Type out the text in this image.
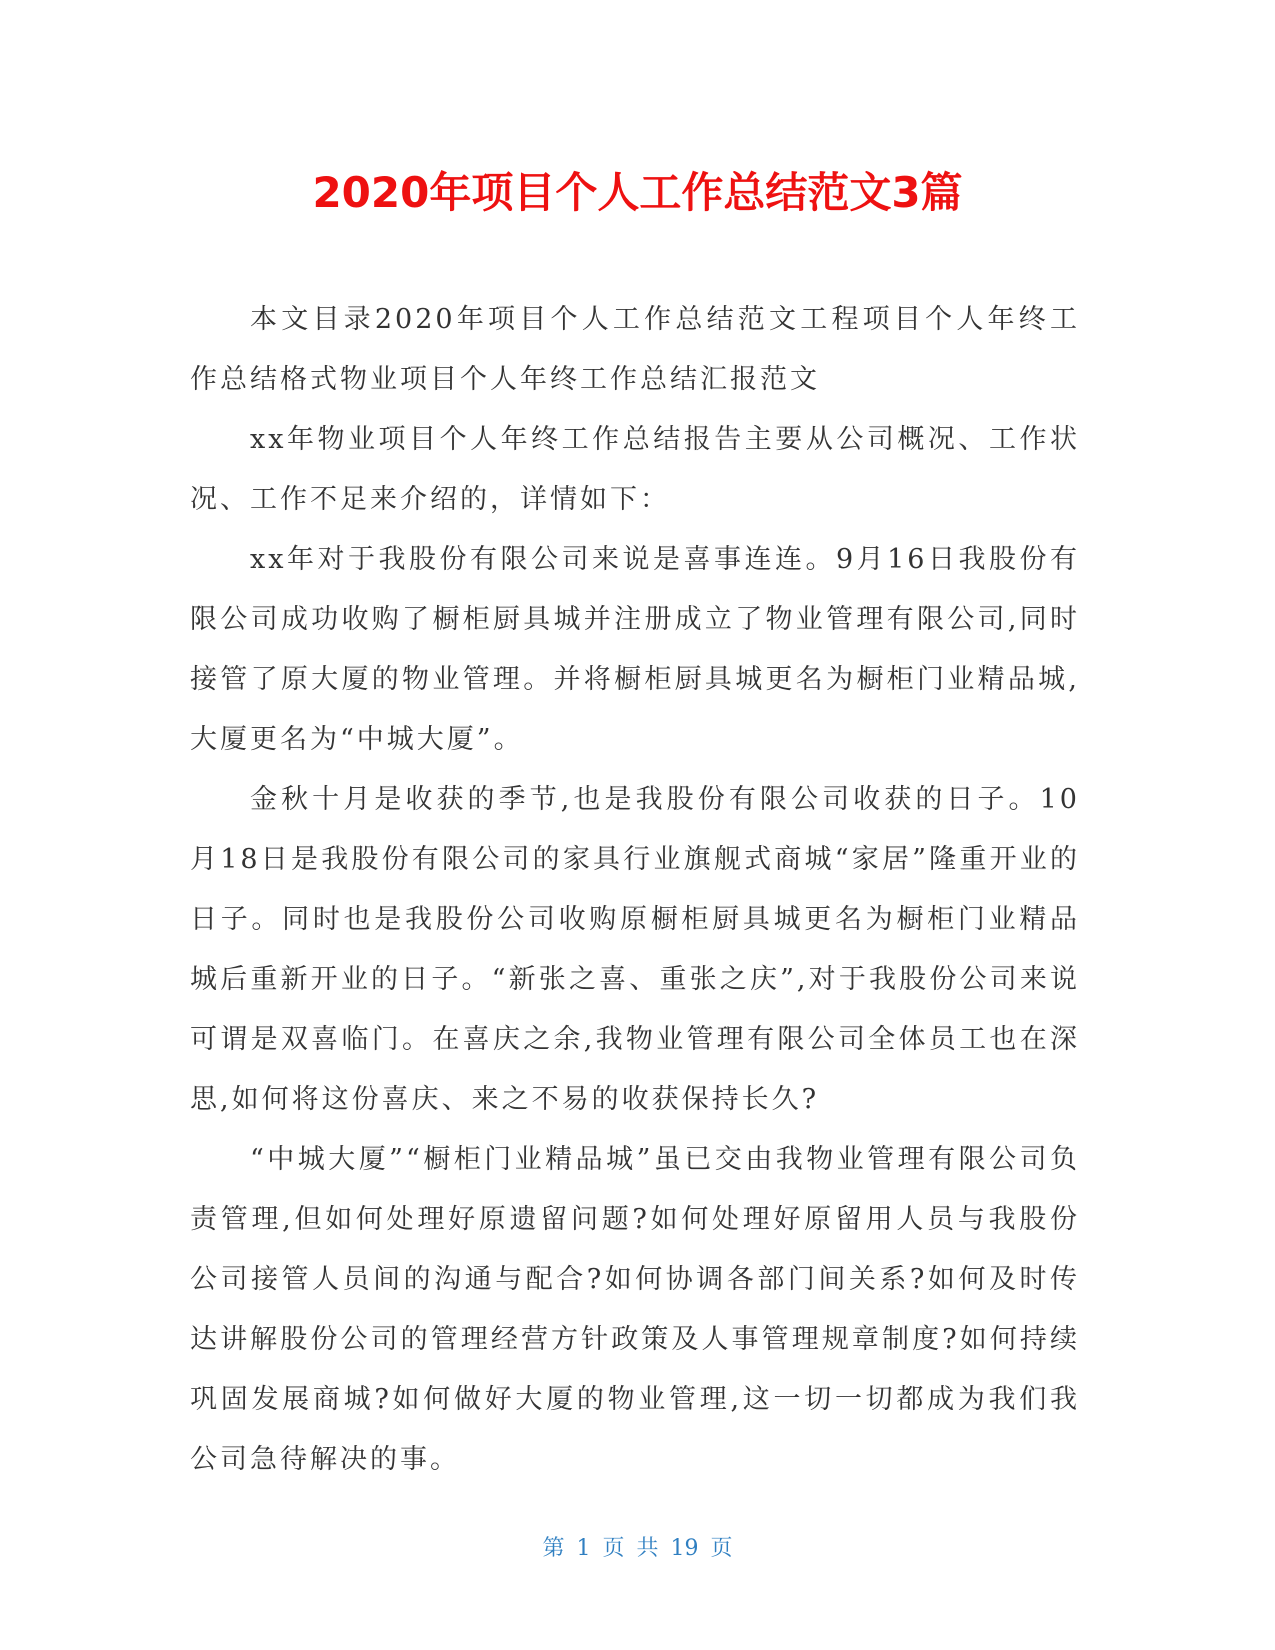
2020年项目个人工作总结范文3篇

本文目录2020年项目个人工作总结范文工程项目个人年终工作总结格式物业项目个人年终工作总结汇报范文

xx年物业项目个人年终工作总结报告主要从公司概况、工作状况、工作不足来介绍的，详情如下：

xx年对于我股份有限公司来说是喜事连连。9月16日我股份有限公司成功收购了橱柜厨具城并注册成立了物业管理有限公司,同时接管了原大厦的物业管理。并将橱柜厨具城更名为橱柜门业精品城,大厦更名为“中城大厦”。

金秋十月是收获的季节,也是我股份有限公司收获的日子。10月18日是我股份有限公司的家具行业旗舰式商城“家居”隆重开业的日子。同时也是我股份公司收购原橱柜厨具城更名为橱柜门业精品城后重新开业的日子。“新张之喜、重张之庆”,对于我股份公司来说可谓是双喜临门。在喜庆之余,我物业管理有限公司全体员工也在深思,如何将这份喜庆、来之不易的收获保持长久?

“中城大厦”“橱柜门业精品城”虽已交由我物业管理有限公司负责管理,但如何处理好原遗留问题?如何处理好原留用人员与我股份公司接管人员间的沟通与配合?如何协调各部门间关系?如何及时传达讲解股份公司的管理经营方针政策及人事管理规章制度?如何持续巩固发展商城?如何做好大厦的物业管理,这一切一切都成为我们我公司急待解决的事。

第 1 页 共 19 页
